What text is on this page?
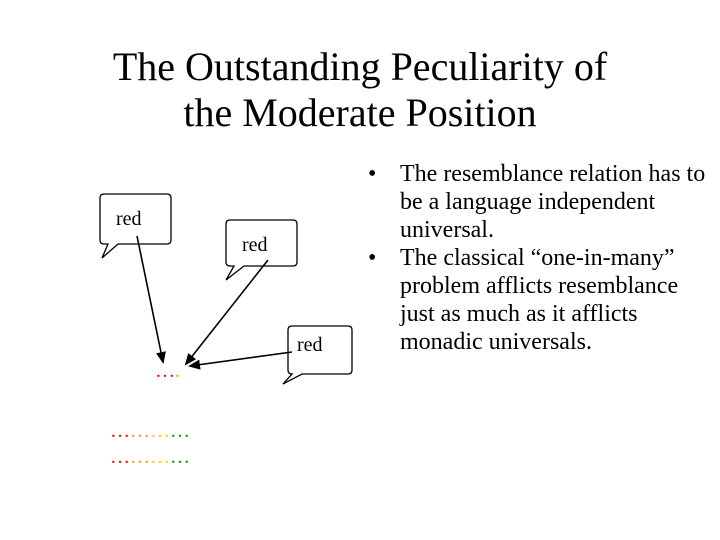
The Outstanding Peculiarity of
the Moderate Position
red
red
red
….
…………
…………
• The resemblance relation has to be a language independent universal.
• The classical “one-in-many” problem afflicts resemblance just as much as it afflicts monadic universals.
